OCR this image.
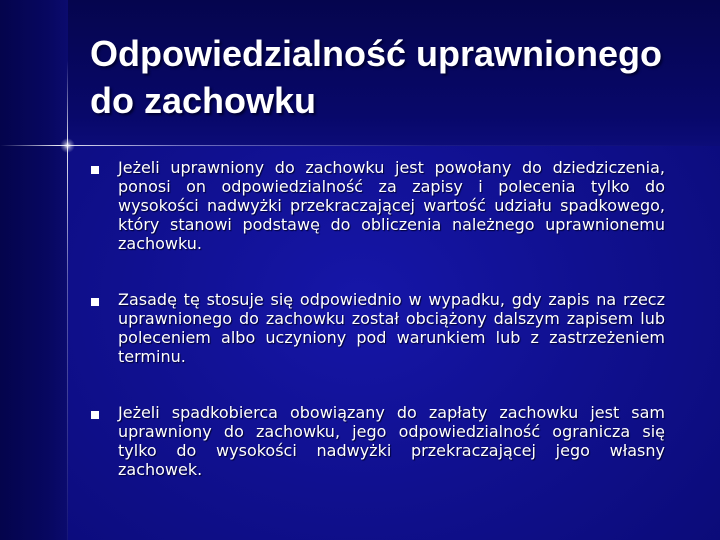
Odpowiedzialność uprawnionego do zachowku
Jeżeli uprawniony do zachowku jest powołany do dziedziczenia, ponosi on odpowiedzialność za zapisy i polecenia tylko do wysokości nadwyżki przekraczającej wartość udziału spadkowego, który stanowi podstawę do obliczenia należnego uprawnionemu zachowku.
Zasadę tę stosuje się odpowiednio w wypadku, gdy zapis na rzecz uprawnionego do zachowku został obciążony dalszym zapisem lub poleceniem albo uczyniony pod warunkiem lub z zastrzeżeniem terminu.
Jeżeli spadkobierca obowiązany do zapłaty zachowku jest sam uprawniony do zachowku, jego odpowiedzialność ogranicza się tylko do wysokości nadwyżki przekraczającej jego własny zachowek.
